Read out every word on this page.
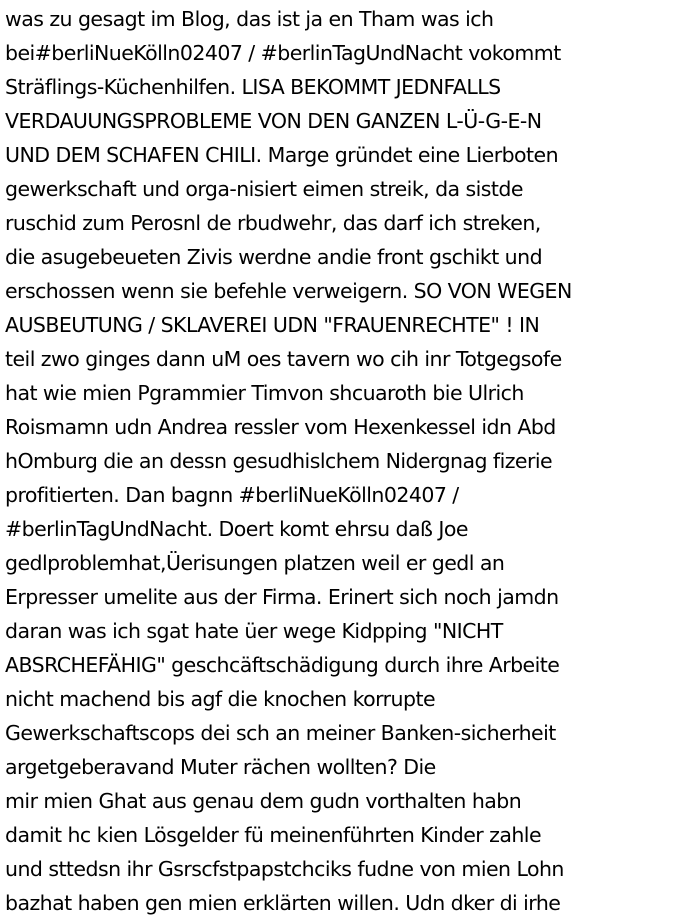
was zu gesagt im Blog, das ist ja en Tham was ich
bei#berliNueKölln02407 / #berlinTagUndNacht vokommt
Sträflings-Küchenhilfen. LISA BEKOMMT JEDNFALLS
VERDAUUNGSPROBLEME VON DEN GANZEN L-Ü-G-E-N
UND DEM SCHAFEN CHILI. Marge gründet eine Lierboten
gewerkschaft und orga-nisiert eimen streik, da sistde
ruschid zum Perosnl de rbudwehr, das darf ich streken,
die asugebeueten Zivis werdne andie front gschikt und
erschossen wenn sie befehle verweigern. SO VON WEGEN
AUSBEUTUNG / SKLAVEREI UDN "FRAUENRECHTE" ! IN
teil zwo ginges dann uM oes tavern wo cih inr Totgegsofe
hat wie mien Pgrammier Timvon shcuaroth bie Ulrich
Roismamn udn Andrea ressler vom Hexenkessel idn Abd
hOmburg die an dessn gesudhislchem Nidergnag fizerie
profitierten. Dan bagnn #berliNueKölln02407 /
#berlinTagUndNacht. Doert komt ehrsu daß Joe
gedlproblemhat,Üerisungen platzen weil er gedl an
Erpresser umelite aus der Firma. Erinert sich noch jamdn
daran was ich sgat hate üer wege Kidpping "NICHT
ABSRCHEFÄHIG" geschcäftschädigung durch ihre Arbeite
nicht machend bis agf die knochen korrupte
Gewerkschaftscops dei sch an meiner Banken-sicherheit
argetgeberavand Muter rächen wollten? Die
mir mien Ghat aus genau dem gudn vorthalten habn
damit hc kien Lösgelder fü meinenführten Kinder zahle
und sttedsn ihr Gsrscfstpapstchciks fudne von mien Lohn
bazhat haben gen mien erklärten willen. Udn dker di irhe
